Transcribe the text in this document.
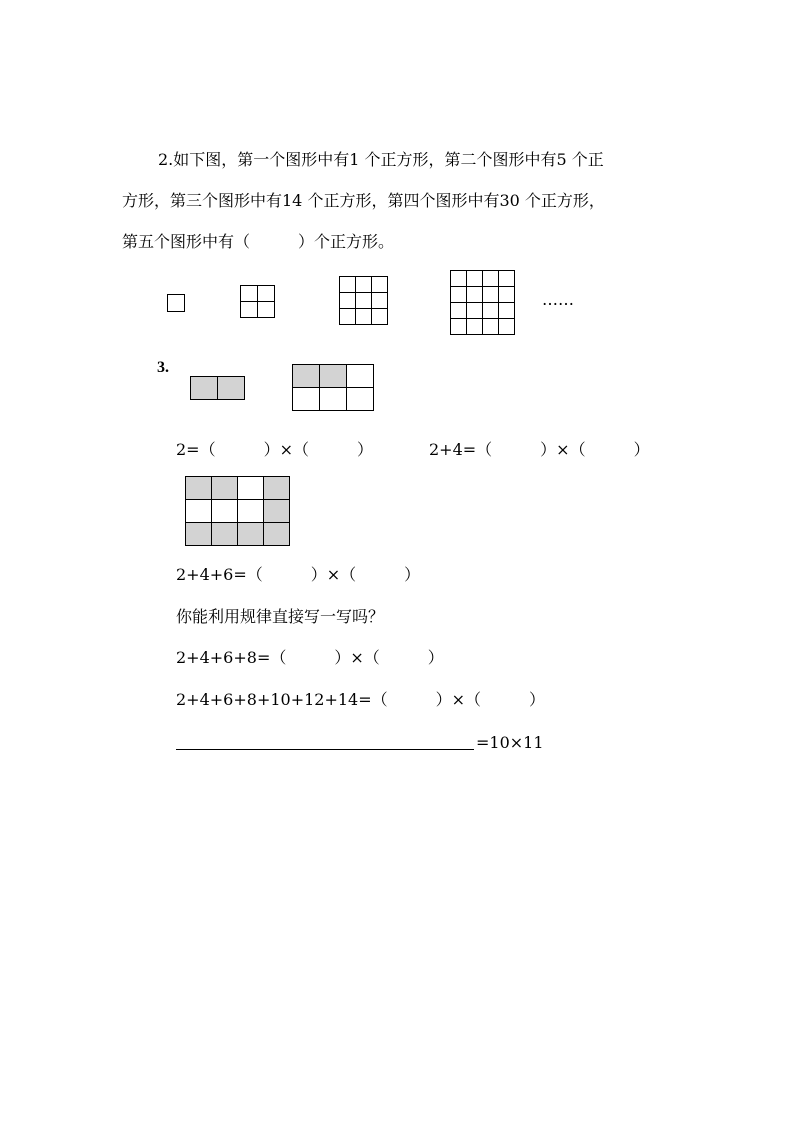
2.如下图，第一个图形中有1 个正方形，第二个图形中有5 个正
方形，第三个图形中有14 个正方形，第四个图形中有30 个正方形，
第五个图形中有（　　　）个正方形。

……
3.

2=（　　　）×（　　　）	2+4=（　　　）×（　　　）

2+4+6=（　　　）×（　　　）
你能利用规律直接写一写吗？
2+4+6+8=（　　　）×（　　　）
2+4+6+8+10+12+14=（　　　）×（　　　）
=10×11
